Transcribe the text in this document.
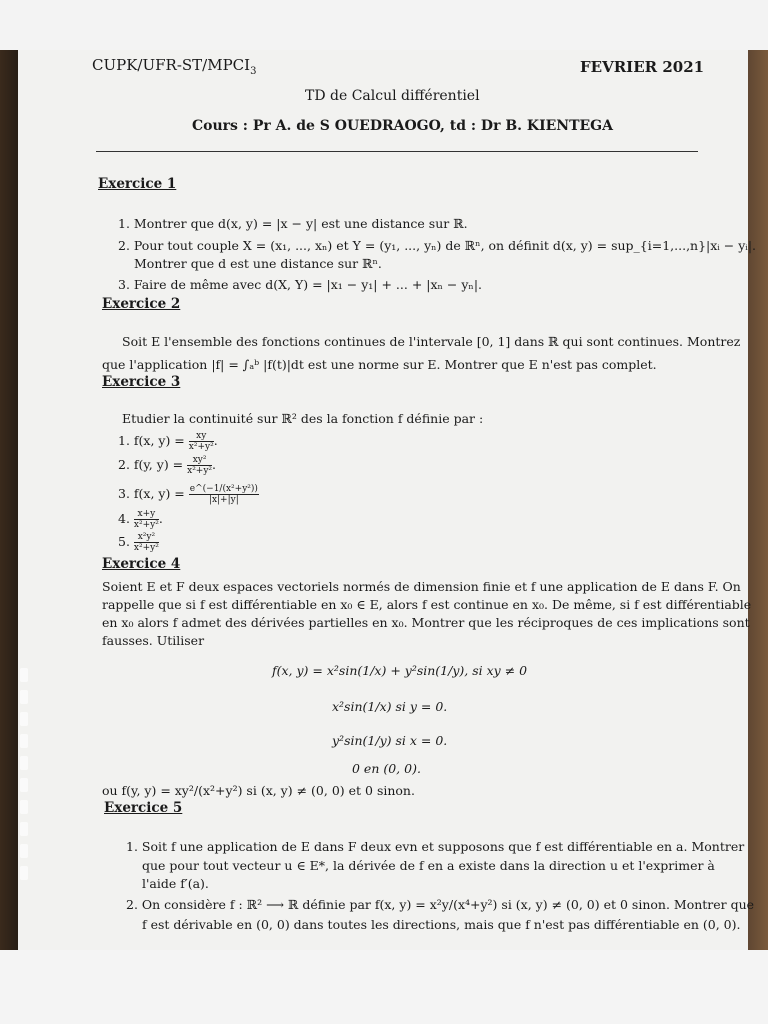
CUPK/$UFR-ST/MPCI_3$	FEVRIER 2021
TD de Calcul différentiel
Cours : Pr A. de S OUEDRAOGO, td : Dr B. KIENTEGA
Exercice 1
1. Montrer que d(x, y) = |x − y| est une distance sur ℝ.
2. Pour tout couple X = (x₁, ..., xₙ) et Y = (y₁, ..., yₙ) de ℝⁿ, on définit d(x, y) = sup_{i=1,...,n}|xᵢ − yᵢ|.
Montrer que d est une distance sur ℝⁿ.
3. Faire de même avec d(X, Y) = |x₁ − y₁| + ... + |xₙ − yₙ|.
Exercice 2
Soit E l'ensemble des fonctions continues de l'intervale [0, 1] dans ℝ qui sont continues. Montrez
que l'application |f| = ∫ₐᵇ |f(t)|dt est une norme sur E. Montrer que E n'est pas complet.
Exercice 3
Etudier la continuité sur ℝ² des la fonction f définie par :
1. f(x, $y) = \frac{xy}{\text{x²+y²}}$ .
2. f(y, $y) = \frac{\text{xy²}}{\text{x²+y²}}$ .
3. f(x, $y) = \frac{\text{e\textasciicircum{}(−1/(x²+y²))}}{|x|+|y|}$
4. $\frac{x+y}{\text{x²+y²}}$ .
5. $\frac{\text{x²y²}}{\text{x²+y²}}$
Exercice 4
Soient E et F deux espaces vectoriels normés de dimension finie et f une application de E dans F. On
rappelle que si f est différentiable en x₀ ∈ E, alors f est continue en x₀. De même, si f est différentiable
en x₀ alors f admet des dérivées partielles en x₀. Montrer que les réciproques de ces implications sont
fausses. Utiliser
f(x, y) = x²sin(1/x) + y²sin(1/y), si xy ≠ 0
x²sin(1/x) si y = 0.
y²sin(1/y) si x = 0.
0 en (0, 0).
ou f(y, y) = xy²/(x²+y²) si (x, y) ≠ (0, 0) et 0 sinon.
Exercice 5
1. Soit f une application de E dans F deux evn et supposons que f est différentiable en a. Montrer
que pour tout vecteur u ∈ E*, la dérivée de f en a existe dans la direction u et l'exprimer à
l'aide f′(a).
2. On considère f : ℝ² ⟶ ℝ définie par f(x, y) = x²y/(x⁴+y²) si (x, y) ≠ (0, 0) et 0 sinon. Montrer que
f est dérivable en (0, 0) dans toutes les directions, mais que f n'est pas différentiable en (0, 0).
